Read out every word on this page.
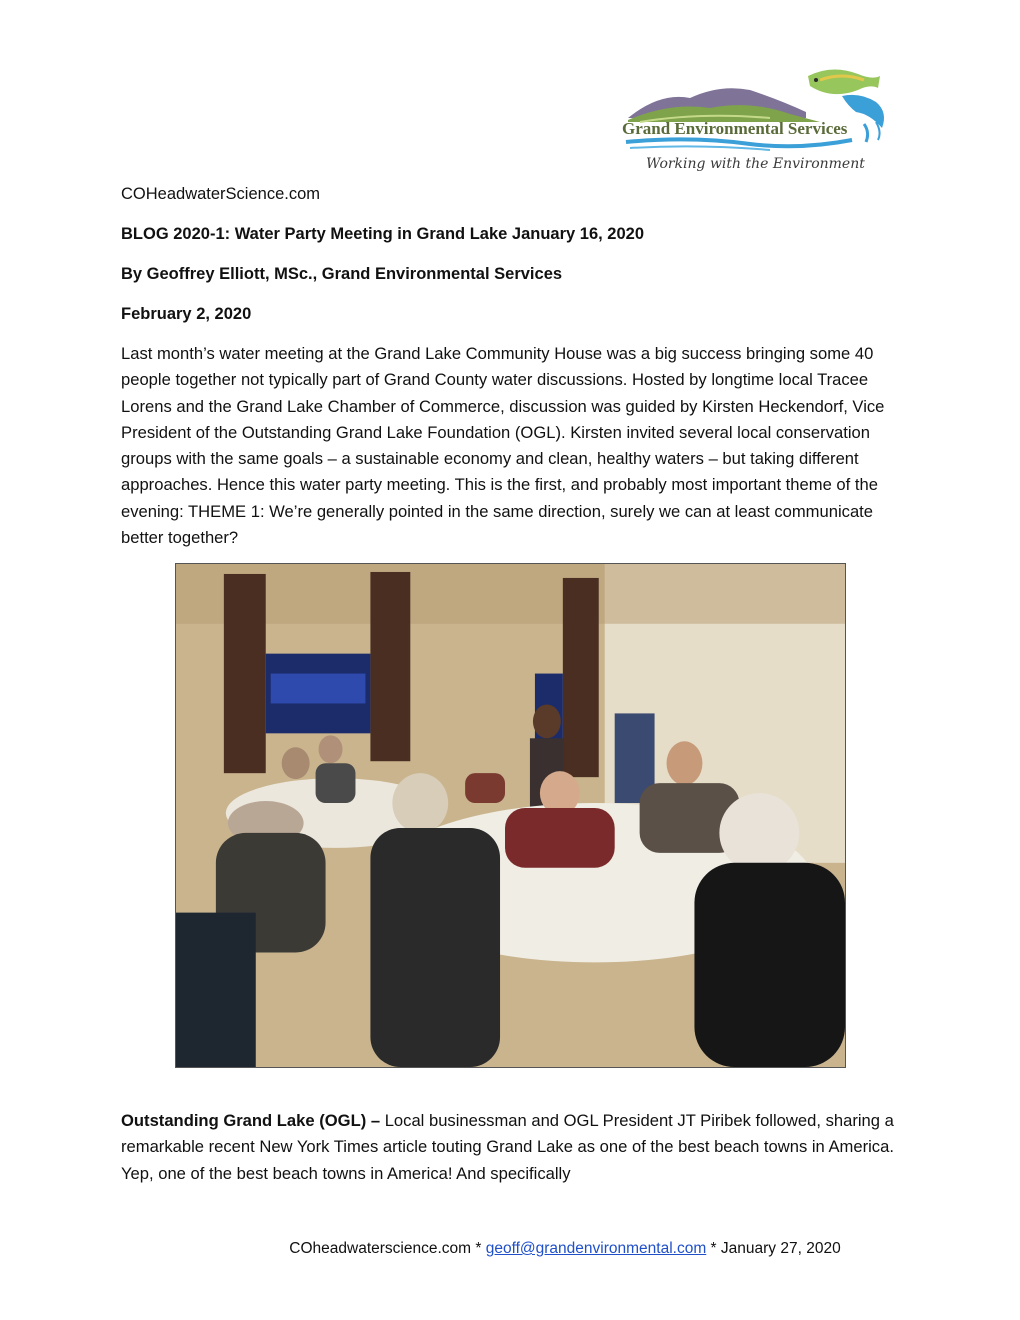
Grand Environmental Services
Working with the Environment
COHeadwaterScience.com
BLOG 2020-1: Water Party Meeting in Grand Lake January 16, 2020
By Geoffrey Elliott, MSc., Grand Environmental Services
February 2, 2020
Last month’s water meeting at the Grand Lake Community House was a big success bringing some 40 people together not typically part of Grand County water discussions. Hosted by longtime local Tracee Lorens and the Grand Lake Chamber of Commerce, discussion was guided by Kirsten Heckendorf, Vice President of the Outstanding Grand Lake Foundation (OGL). Kirsten invited several local conservation groups with the same goals – a sustainable economy and clean, healthy waters – but taking different approaches. Hence this water party meeting. This is the first, and probably most important theme of the evening: THEME 1: We’re generally pointed in the same direction, surely we can at least communicate better together?
Outstanding Grand Lake (OGL) – Local businessman and OGL President JT Piribek followed, sharing a remarkable recent New York Times article touting Grand Lake as one of the best beach towns in America. Yep, one of the best beach towns in America! And specifically
COheadwaterscience.com * geoff@grandenvironmental.com * January 27, 2020
